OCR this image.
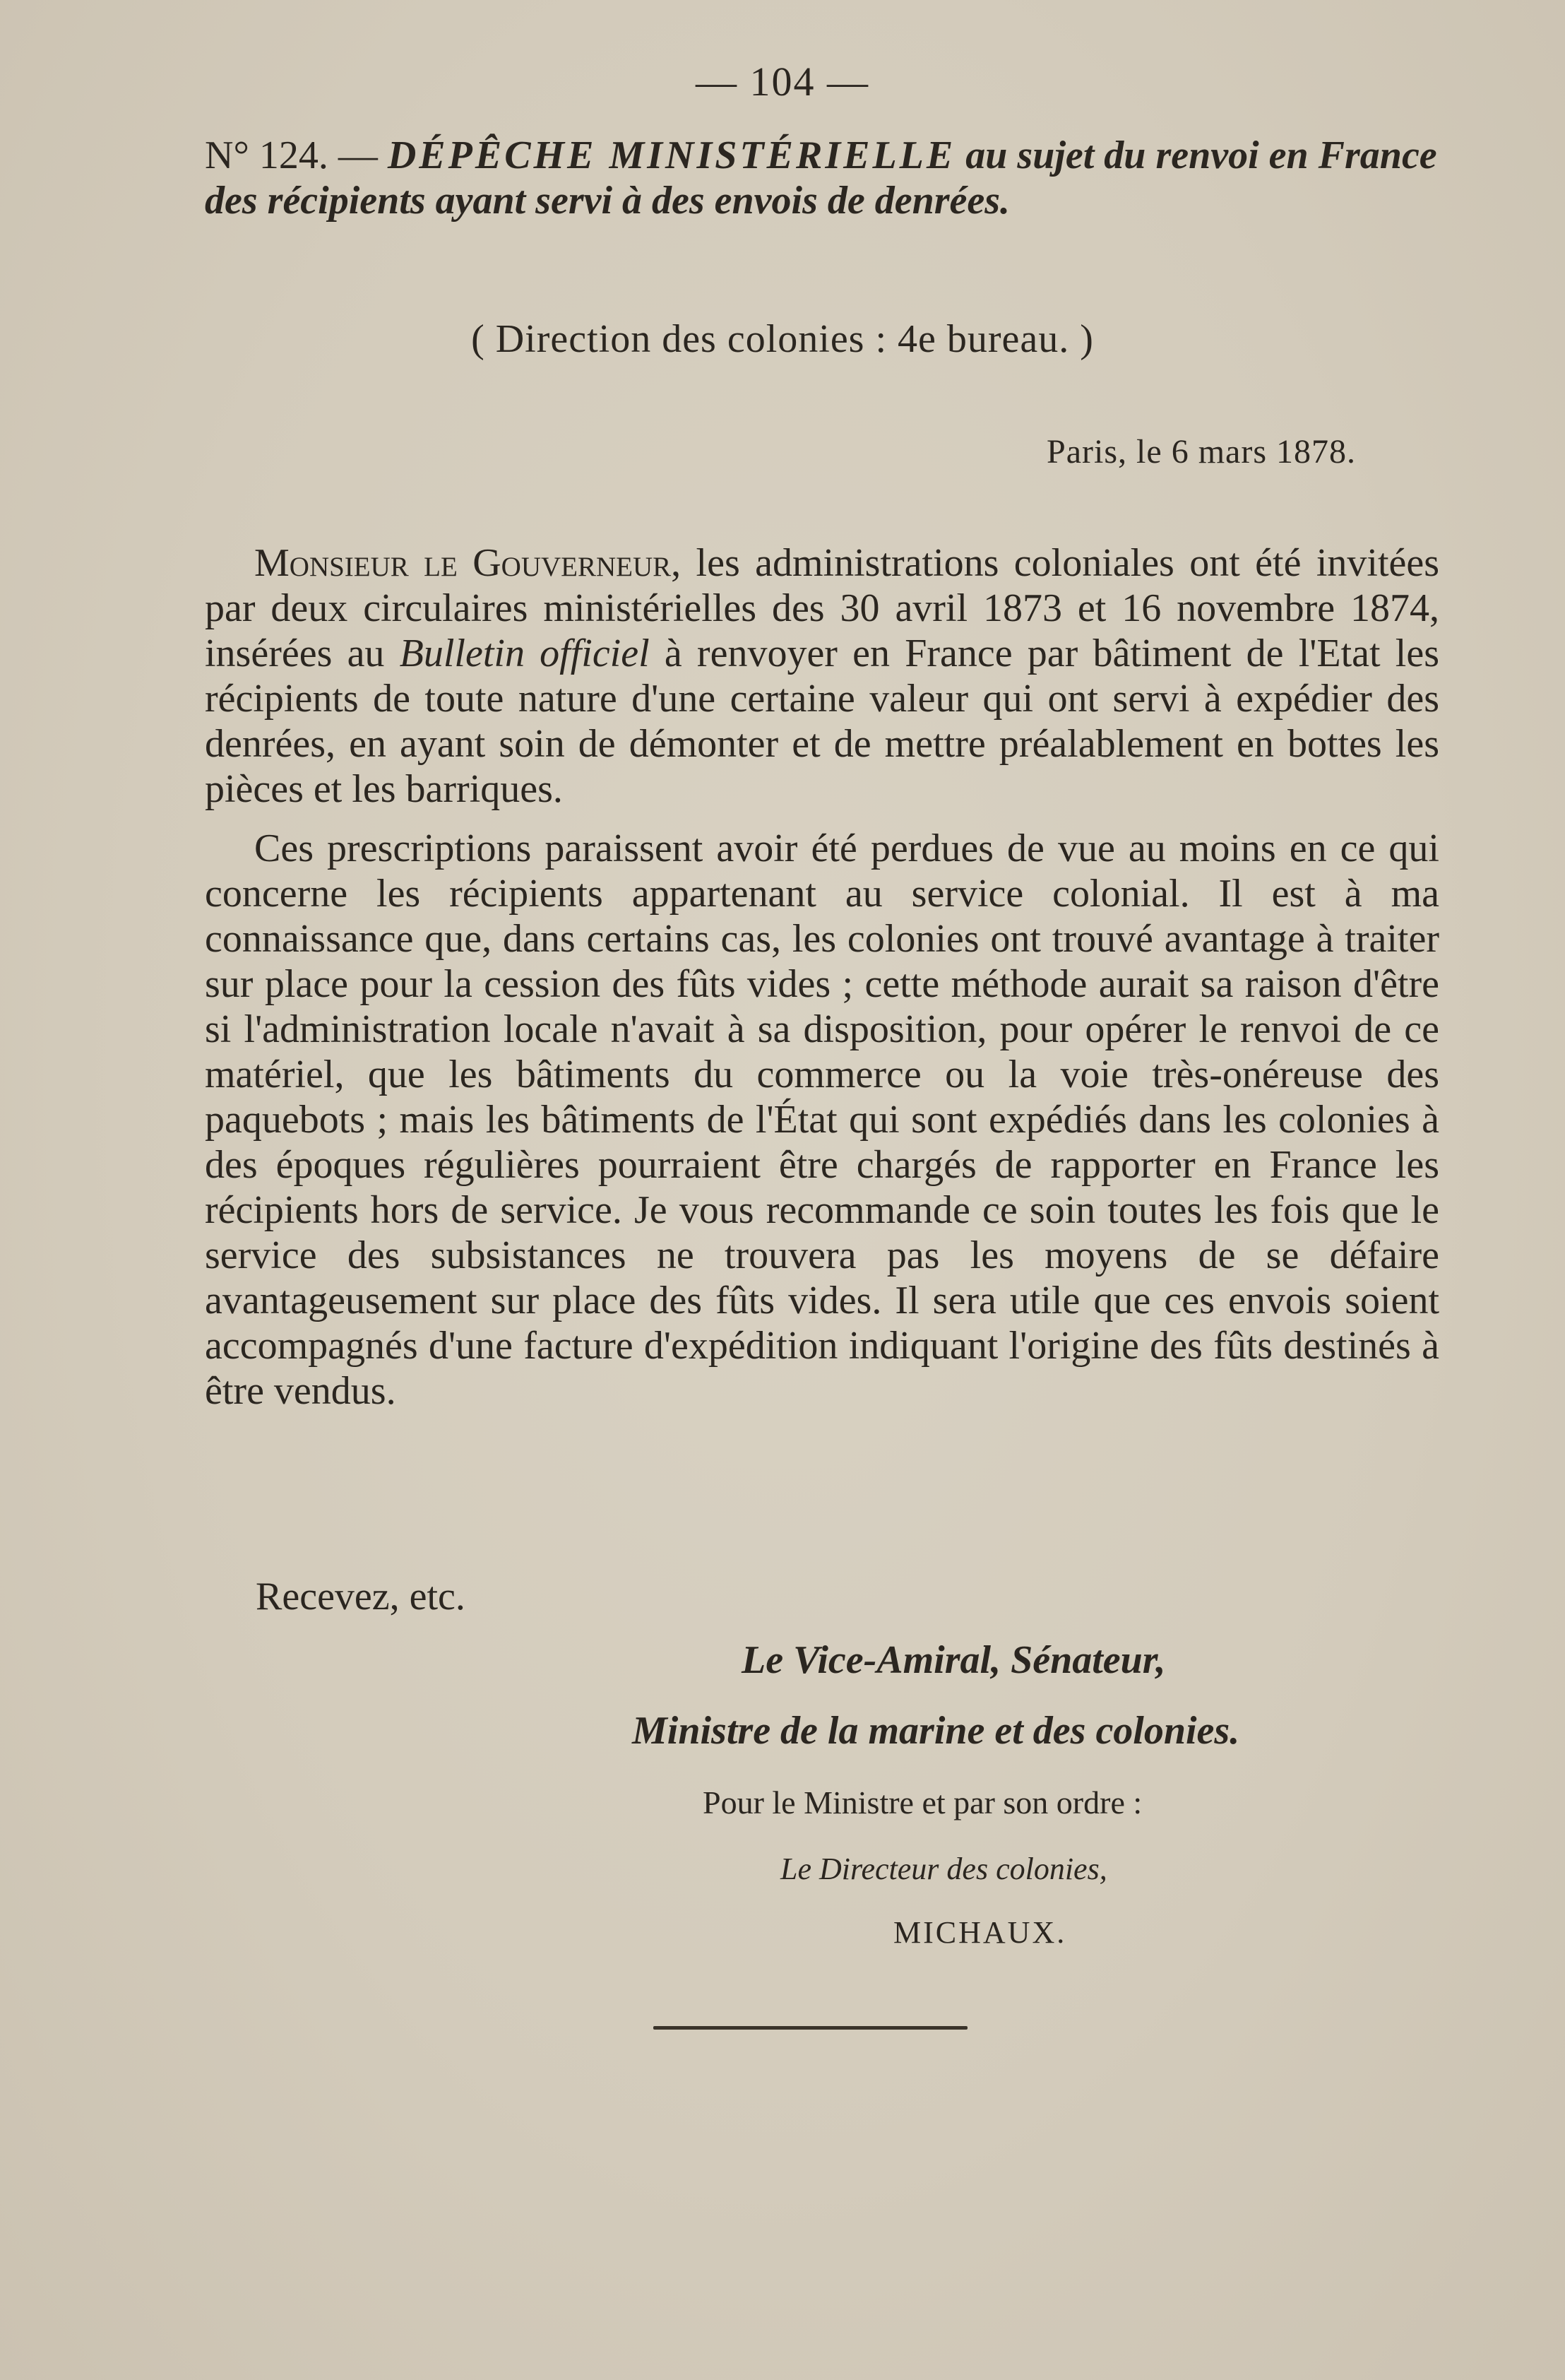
— 104 —
N° 124. — DÉPÊCHE MINISTÉRIELLE au sujet du renvoi en France des récipients ayant servi à des envois de denrées.
( Direction des colonies : 4e bureau. )
Paris, le 6 mars 1878.

Monsieur le Gouverneur, les administrations coloniales ont été invitées par deux circulaires ministérielles des 30 avril 1873 et 16 novembre 1874, insérées au Bulletin officiel à renvoyer en France par bâtiment de l'Etat les récipients de toute nature d'une certaine valeur qui ont servi à expédier des denrées, en ayant soin de démonter et de mettre préalablement en bottes les pièces et les barriques.

Ces prescriptions paraissent avoir été perdues de vue au moins en ce qui concerne les récipients appartenant au service colonial. Il est à ma connaissance que, dans certains cas, les colonies ont trouvé avantage à traiter sur place pour la cession des fûts vides ; cette méthode aurait sa raison d'être si l'administration locale n'avait à sa disposition, pour opérer le renvoi de ce matériel, que les bâtiments du commerce ou la voie très-onéreuse des paquebots ; mais les bâtiments de l'État qui sont expédiés dans les colonies à des époques régulières pourraient être chargés de rapporter en France les récipients hors de service. Je vous recommande ce soin toutes les fois que le service des subsistances ne trouvera pas les moyens de se défaire avantageusement sur place des fûts vides. Il sera utile que ces envois soient accompagnés d'une facture d'expédition indiquant l'origine des fûts destinés à être vendus.

Recevez, etc.
Le Vice-Amiral, Sénateur,
Ministre de la marine et des colonies.
Pour le Ministre et par son ordre :
Le Directeur des colonies,
MICHAUX.
